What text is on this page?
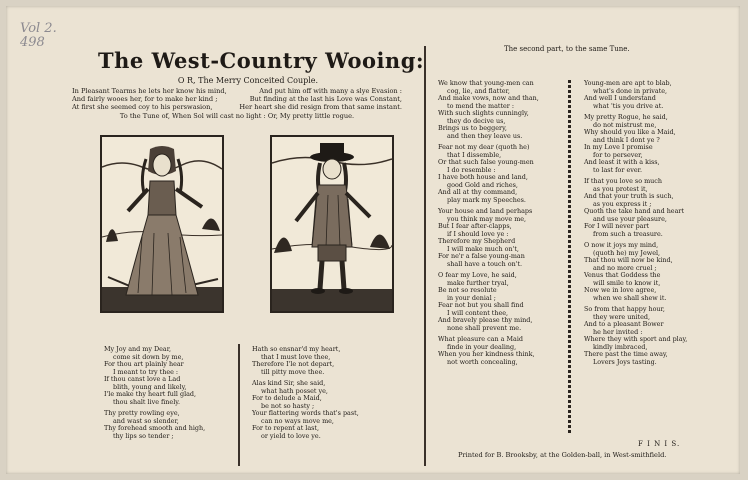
Vol 2.
498
The West-Country Wooing:
O R, The Merry Conceited Couple.
In Pleasant Tearms he lets her know his mind,	And put him off with many a slye Evasion :
And fairly wooes her, for to make her kind ;	But finding at the last his Love was Constant,
At first she seemed coy to his perswasion,	Her heart she did resign from that same instant.
To the Tune of, When Sol will cast no light : Or, My pretty little rogue.
My Joy and my Dear,
come sit down by me,
For thou art plainly hear
I meant to try thee :
If thou canst love a Lad
blith, young and likely,
I'le make thy heart full glad,
thou shalt live finely.
Thy pretty rowling eye,
and wast so slender,
Thy forehead smooth and high,
thy lips so tender ;
Hath so ensnar'd my heart,
that I must love thee,
Therefore I'le not depart,
till pitty move thee.
Alas kind Sir, she said,
what hath posset ye,
For to delude a Maid,
be not so hasty ;
Your flattering words that's past,
can no ways move me,
For to repent at last,
or yield to love ye.
The second part, to the same Tune.
We know that young-men can
cog, lie, and flatter,
And make vows, now and than,
to mend the matter :
With such slights cunningly,
they do decive us,
Brings us to beggery,
and then they leave us.
Fear not my dear (quoth he)
that I dissemble,
Or that such false young-men
I do resemble :
I have both house and land,
good Gold and riches,
And all at thy command,
play mark my Speeches.
Your house and land perhaps
you think may move me,
But I fear after-clapps,
if I should love ye :
Therefore my Shepherd
I will make much on't,
For ne'r a false young-man
shall have a touch on't.
O fear my Love, he said,
make further tryal,
Be not so resolute
in your denial ;
Fear not but you shall find
I will content thee,
And bravely please thy mind,
none shall prevent me.
What pleasure can a Maid
finde in your dealing,
When you her kindness think,
not worth concealing,
Young-men are apt to blab,
what's done in private,
And well I understand
what 'tis you drive at.
My pretty Rogue, he said,
do not mistrust me,
Why should you like a Maid,
and think I dont ye ?
In my Love I promise
for to persever,
And least it with a kiss,
to last for ever.
If that you love so much
as you protest it,
And that your truth is such,
as you express it ;
Quoth the take hand and heart
and use your pleasure,
For I will never part
from such a treasure.
O now it joys my mind,
(quoth he) my Jewel,
That thou will now be kind,
and no more cruel ;
Venus that Goddess the
will smile to know it,
Now we in love agree,
when we shall shew it.
So from that happy hour,
they were united,
And to a pleasant Bower
he her invited :
Where they with sport and play,
kindly imbraced,
There past the time away,
Lovers Joys tasting.
F I N I S.
Printed for B. Brooksby, at the Golden-ball, in West-smithfield.
